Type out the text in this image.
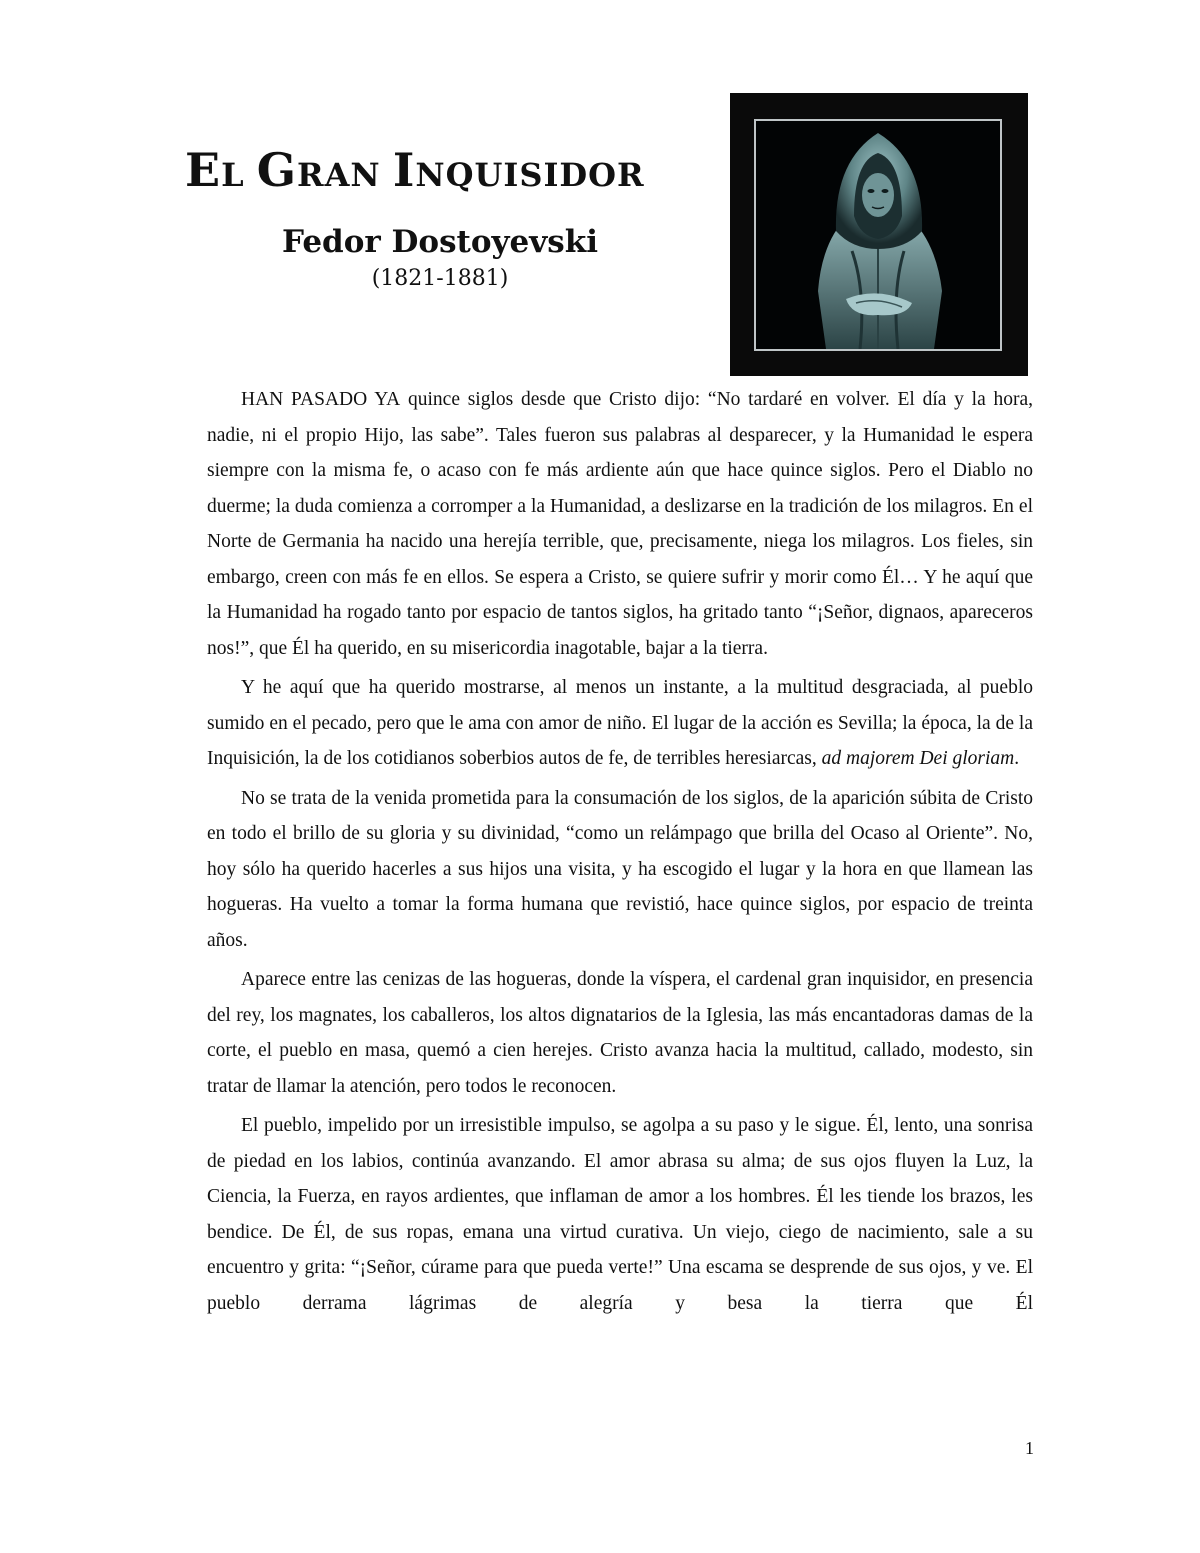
EL GRAN INQUISIDOR
Fedor Dostoyevski
(1821-1881)

HAN PASADO YA quince siglos desde que Cristo dijo: “No tardaré en volver. El día y la hora, nadie, ni el propio Hijo, las sabe”. Tales fueron sus palabras al desparecer, y la Humanidad le espera siempre con la misma fe, o acaso con fe más ardiente aún que hace quince siglos. Pero el Diablo no duerme; la duda comienza a corromper a la Humanidad, a deslizarse en la tradición de los milagros. En el Norte de Germania ha nacido una herejía terrible, que, precisamente, niega los milagros. Los fieles, sin embargo, creen con más fe en ellos. Se espera a Cristo, se quiere sufrir y morir como Él… Y he aquí que la Humanidad ha rogado tanto por espacio de tantos siglos, ha gritado tanto “¡Señor, dignaos, apareceros nos!”, que Él ha querido, en su misericordia inagotable, bajar a la tierra.

Y he aquí que ha querido mostrarse, al menos un instante, a la multitud desgraciada, al pueblo sumido en el pecado, pero que le ama con amor de niño. El lugar de la acción es Sevilla; la época, la de la Inquisición, la de los cotidianos soberbios autos de fe, de terribles heresiarcas, ad majorem Dei gloriam.

No se trata de la venida prometida para la consumación de los siglos, de la aparición súbita de Cristo en todo el brillo de su gloria y su divinidad, “como un relámpago que brilla del Ocaso al Oriente”. No, hoy sólo ha querido hacerles a sus hijos una visita, y ha escogido el lugar y la hora en que llamean las hogueras. Ha vuelto a tomar la forma humana que revistió, hace quince siglos, por espacio de treinta años.

Aparece entre las cenizas de las hogueras, donde la víspera, el cardenal gran inquisidor, en presencia del rey, los magnates, los caballeros, los altos dignatarios de la Iglesia, las más encantadoras damas de la corte, el pueblo en masa, quemó a cien herejes. Cristo avanza hacia la multitud, callado, modesto, sin tratar de llamar la atención, pero todos le reconocen.

El pueblo, impelido por un irresistible impulso, se agolpa a su paso y le sigue. Él, lento, una sonrisa de piedad en los labios, continúa avanzando. El amor abrasa su alma; de sus ojos fluyen la Luz, la Ciencia, la Fuerza, en rayos ardientes, que inflaman de amor a los hombres. Él les tiende los brazos, les bendice. De Él, de sus ropas, emana una virtud curativa. Un viejo, ciego de nacimiento, sale a su encuentro y grita: “¡Señor, cúrame para que pueda verte!” Una escama se desprende de sus ojos, y ve. El pueblo derrama lágrimas de alegría y besa la tierra que Él

1
